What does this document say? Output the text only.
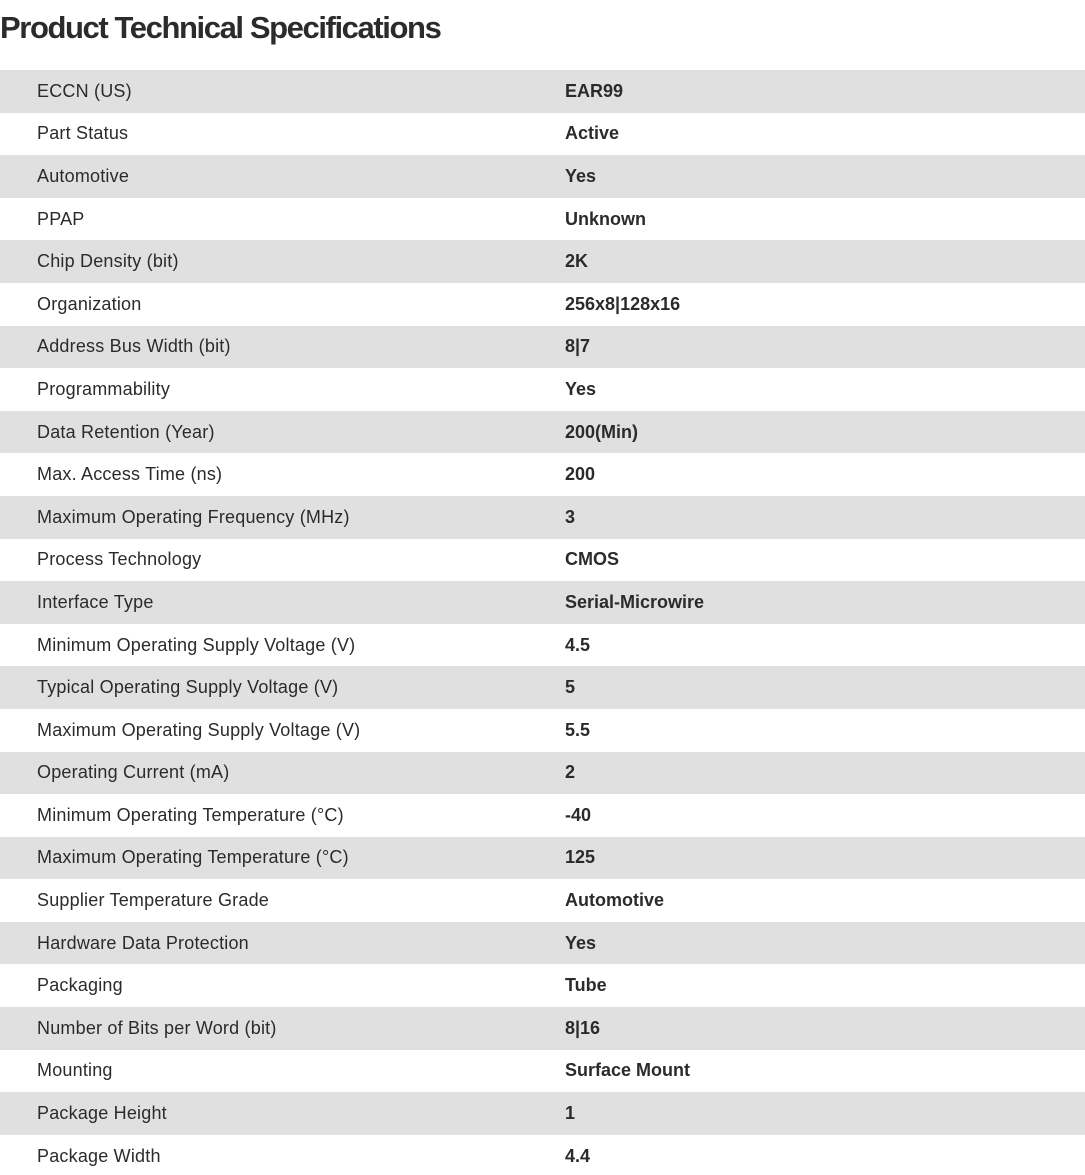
Product Technical Specifications
ECCN (US)	EAR99
Part Status	Active
Automotive	Yes
PPAP	Unknown
Chip Density (bit)	2K
Organization	256x8|128x16
Address Bus Width (bit)	8|7
Programmability	Yes
Data Retention (Year)	200(Min)
Max. Access Time (ns)	200
Maximum Operating Frequency (MHz)	3
Process Technology	CMOS
Interface Type	Serial-Microwire
Minimum Operating Supply Voltage (V)	4.5
Typical Operating Supply Voltage (V)	5
Maximum Operating Supply Voltage (V)	5.5
Operating Current (mA)	2
Minimum Operating Temperature (°C)	-40
Maximum Operating Temperature (°C)	125
Supplier Temperature Grade	Automotive
Hardware Data Protection	Yes
Packaging	Tube
Number of Bits per Word (bit)	8|16
Mounting	Surface Mount
Package Height	1
Package Width	4.4
